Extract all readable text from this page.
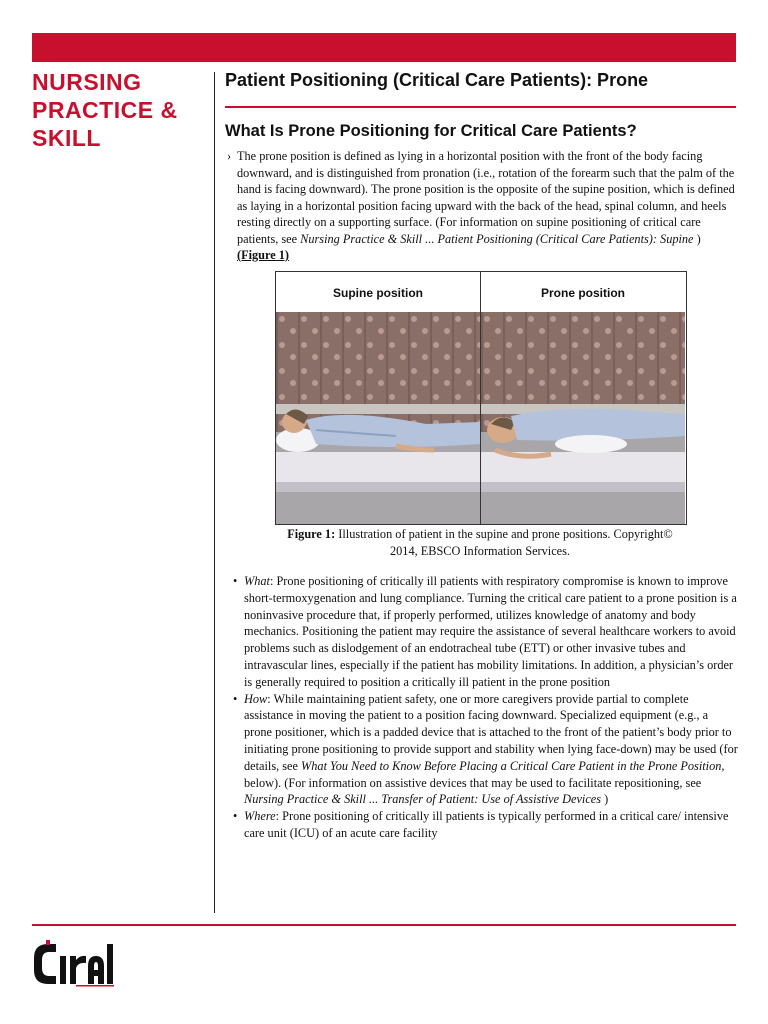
NURSING
PRACTICE &
SKILL
Patient Positioning (Critical Care Patients): Prone
What Is Prone Positioning for Critical Care Patients?
› The prone position is defined as lying in a horizontal position with the front of the body facing downward, and is distinguished from pronation (i.e., rotation of the forearm such that the palm of the hand is facing downward). The prone position is the opposite of the supine position, which is defined as laying in a horizontal position facing upward with the back of the head, spinal column, and heels resting directly on a supporting surface. (For information on supine positioning of critical care patients, see Nursing Practice & Skill ... Patient Positioning (Critical Care Patients): Supine ) (Figure 1)
Supine position	Prone position
Figure 1: Illustration of patient in the supine and prone positions. Copyright© 2014, EBSCO Information Services.
• What: Prone positioning of critically ill patients with respiratory compromise is known to improve short-termoxygenation and lung compliance. Turning the critical care patient to a prone position is a noninvasive procedure that, if properly performed, utilizes knowledge of anatomy and body mechanics. Positioning the patient may require the assistance of several healthcare workers to avoid problems such as dislodgement of an endotracheal tube (ETT) or other invasive tubes and intravascular lines, especially if the patient has mobility limitations. In addition, a physician’s order is generally required to position a critically ill patient in the prone position
• How: While maintaining patient safety, one or more caregivers provide partial to complete assistance in moving the patient to a position facing downward. Specialized equipment (e.g., a prone positioner, which is a padded device that is attached to the front of the patient’s body prior to initiating prone positioning to provide support and stability when lying face-down) may be used (for details, see What You Need to Know Before Placing a Critical Care Patient in the Prone Position, below). (For information on assistive devices that may be used to facilitate repositioning, see Nursing Practice & Skill ... Transfer of Patient: Use of Assistive Devices )
• Where: Prone positioning of critically ill patients is typically performed in a critical care/ intensive care unit (ICU) of an acute care facility
